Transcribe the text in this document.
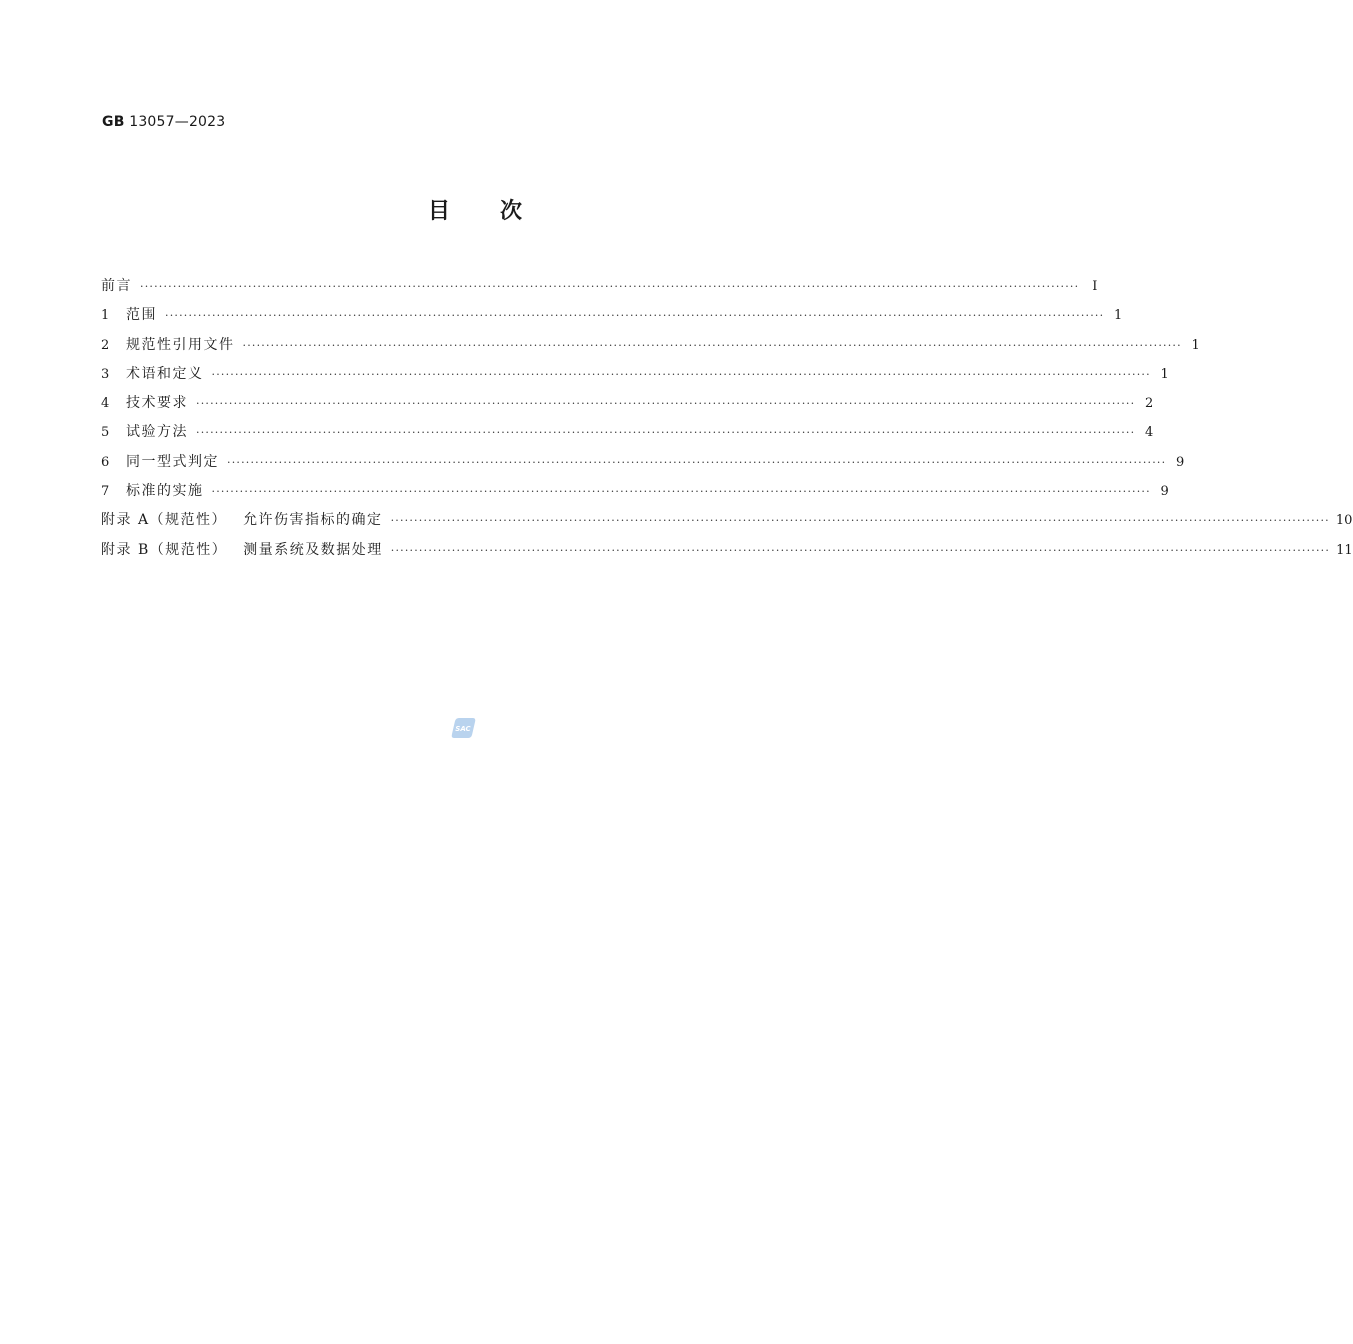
GB 13057—2023
目 次
前言 ········································································································································································································ Ⅰ
1	范围 ········································································································································································································ 1
2	规范性引用文件 ········································································································································································································ 1
3	术语和定义 ········································································································································································································ 1
4	技术要求 ········································································································································································································ 2
5	试验方法 ········································································································································································································ 4
6	同一型式判定 ········································································································································································································ 9
7	标准的实施 ········································································································································································································ 9
附录 A（规范性） 允许伤害指标的确定 ········································································································································································································ 10
附录 B（规范性） 测量系统及数据处理 ········································································································································································································ 11
SAC
